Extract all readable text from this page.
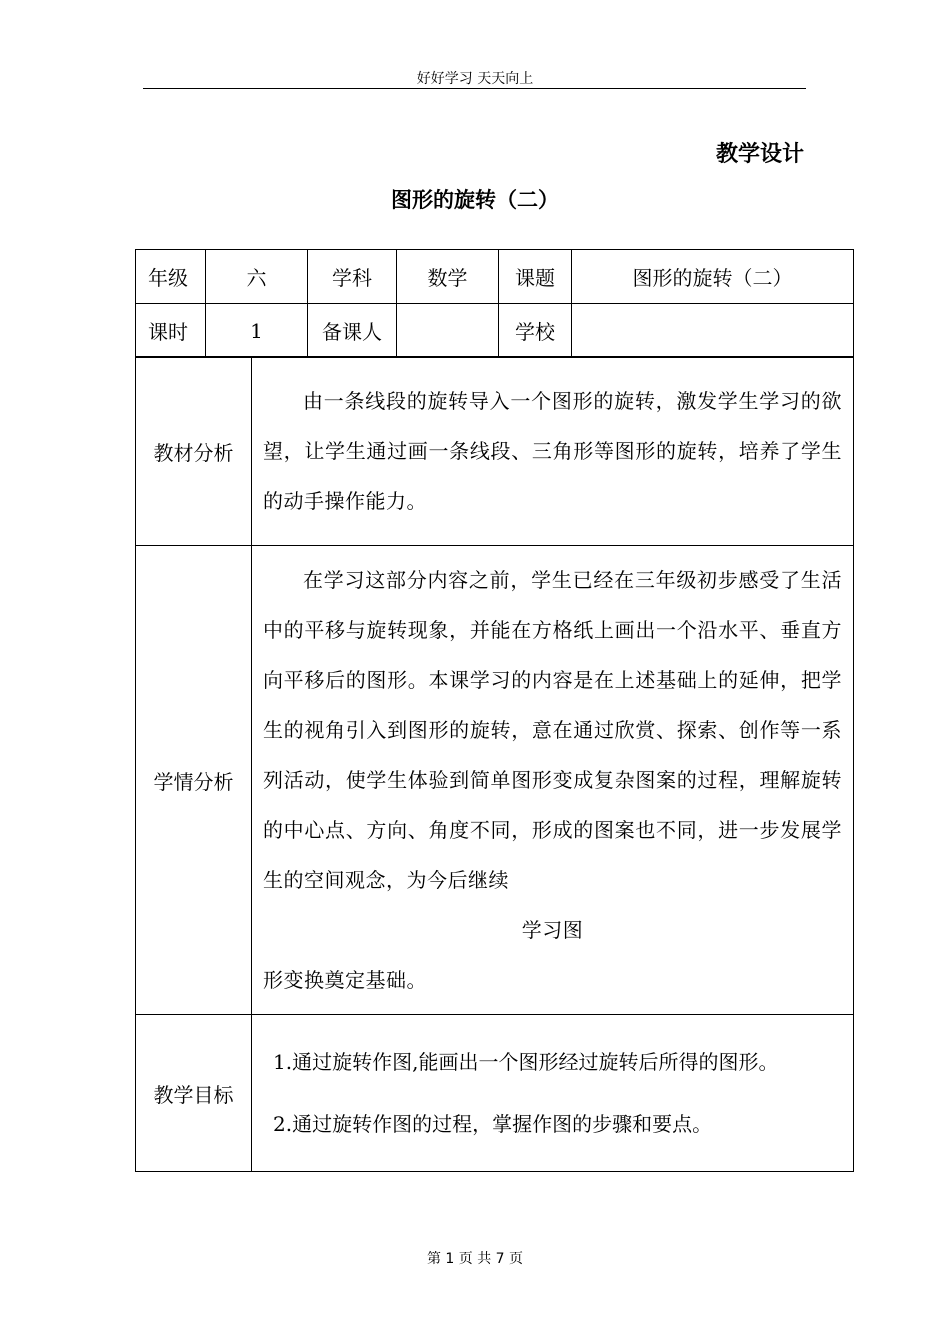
好好学习 天天向上
教学设计
图形的旋转（二）
年级	六	学科	数学	课题	图形的旋转（二）
课时	1	备课人		学校	
教材分析	由一条线段的旋转导入一个图形的旋转，激发学生学习的欲望，让学生通过画一条线段、三角形等图形的旋转，培养了学生的动手操作能力。

学情分析	在学习这部分内容之前，学生已经在三年级初步感受了生活中的平移与旋转现象，并能在方格纸上画出一个沿水平、垂直方向平移后的图形。本课学习的内容是在上述基础上的延伸，把学生的视角引入到图形的旋转，意在通过欣赏、探索、创作等一系列活动，使学生体验到简单图形变成复杂图案的过程，理解旋转的中心点、方向、角度不同，形成的图案也不同，进一步发展学生的空间观念，为今后继续
学习图
形变换奠定基础。

教学目标	1.通过旋转作图,能画出一个图形经过旋转后所得的图形。
2.通过旋转作图的过程，掌握作图的步骤和要点。
第 1 页 共 7 页
